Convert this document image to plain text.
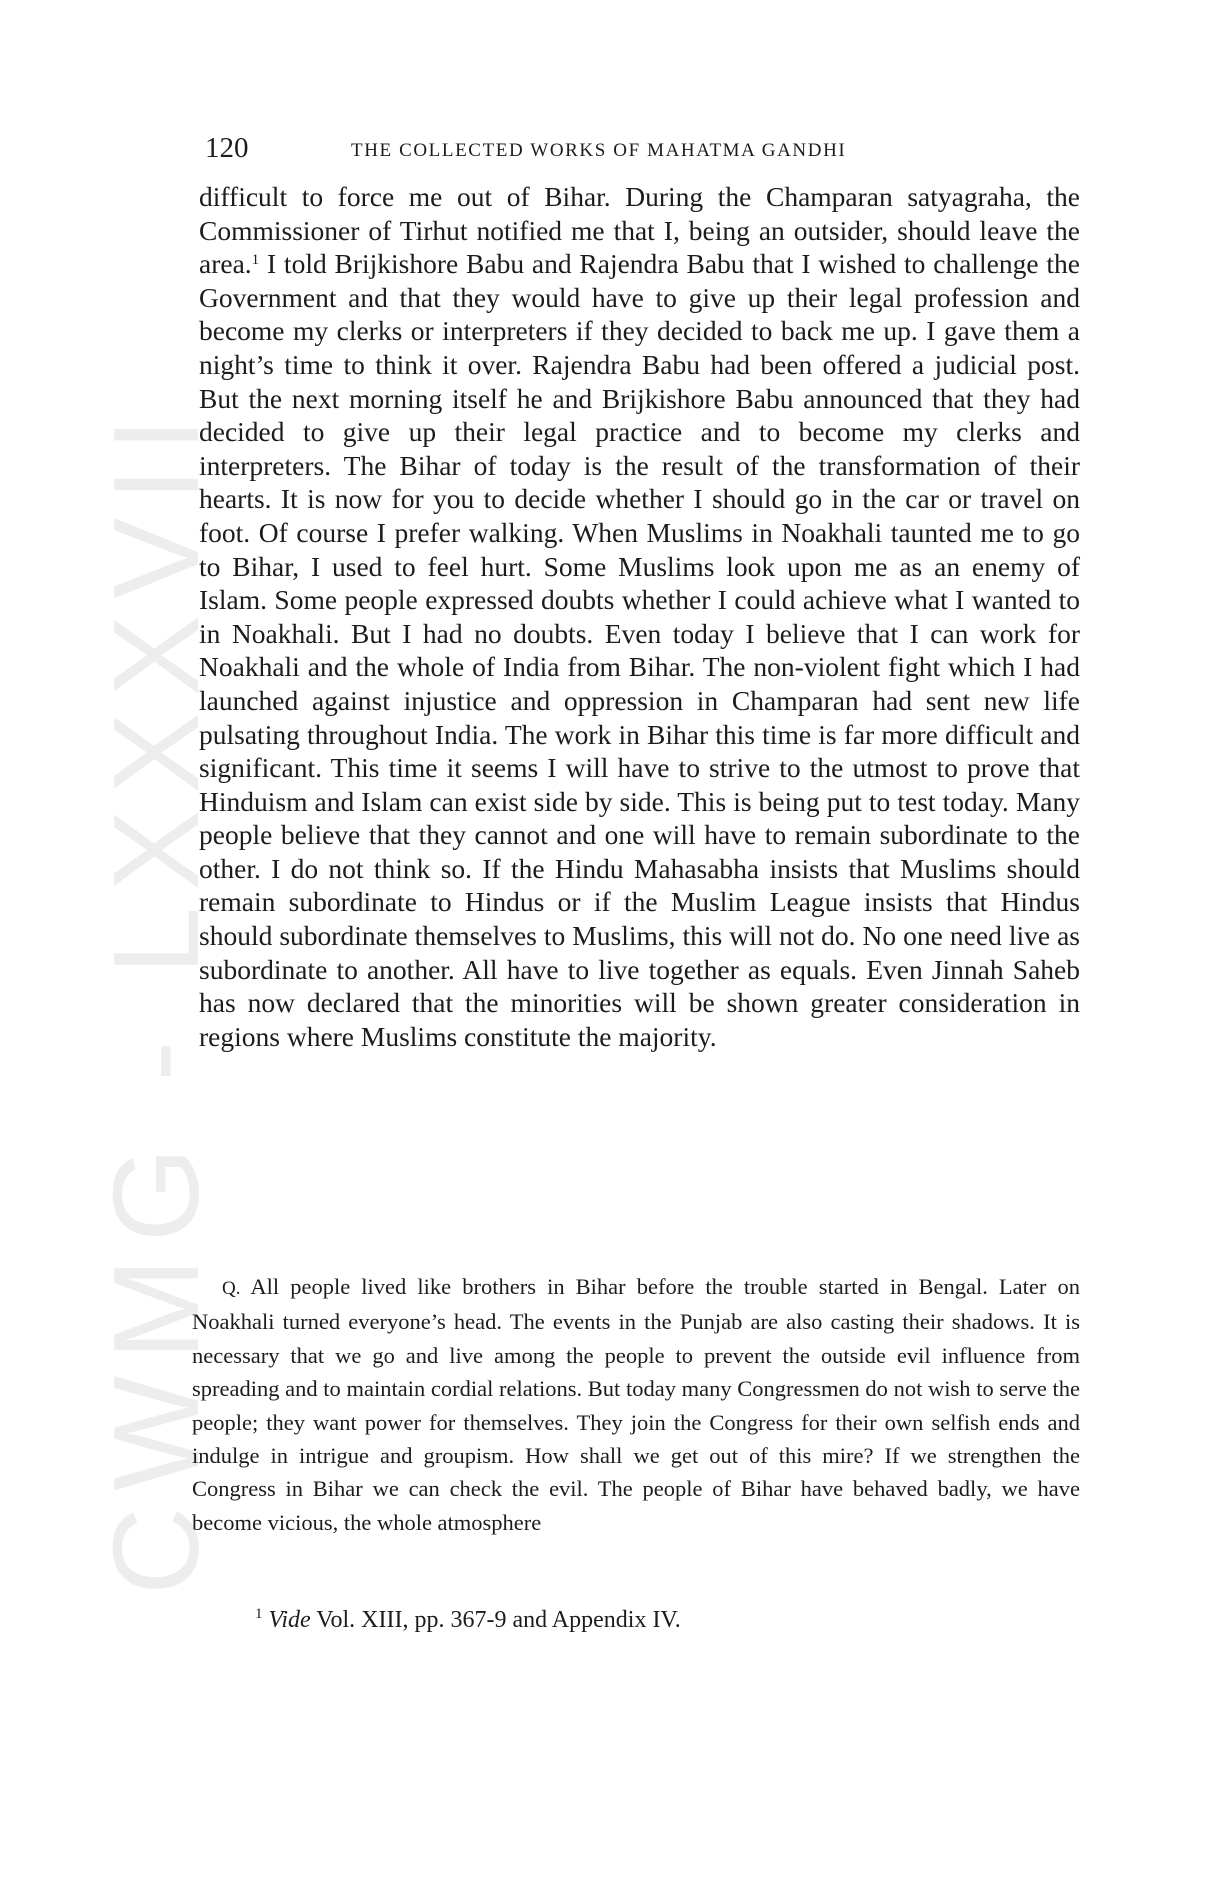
CWMG - LXXXVII
120	THE COLLECTED WORKS OF MAHATMA GANDHI
difficult to force me out of Bihar. During the Champaran satyagraha, the Commissioner of Tirhut notified me that I, being an outsider, should leave the area.$^1$ I told Brijkishore Babu and Rajendra Babu that I wished to challenge the Government and that they would have to give up their legal profession and become my clerks or interpreters if they decided to back me up. I gave them a night’s time to think it over. Rajendra Babu had been offered a judicial post. But the next morning itself he and Brijkishore Babu announced that they had decided to give up their legal practice and to become my clerks and interpreters. The Bihar of today is the result of the transformation of their hearts. It is now for you to decide whether I should go in the car or travel on foot. Of course I prefer walking. When Muslims in Noakhali taunted me to go to Bihar, I used to feel hurt. Some Muslims look upon me as an enemy of Islam. Some people expressed doubts whether I could achieve what I wanted to in Noakhali. But I had no doubts. Even today I believe that I can work for Noakhali and the whole of India from Bihar. The non-violent fight which I had launched against injustice and oppression in Champaran had sent new life pulsating throughout India. The work in Bihar this time is far more difficult and significant. This time it seems I will have to strive to the utmost to prove that Hinduism and Islam can exist side by side. This is being put to test today. Many people believe that they cannot and one will have to remain subordinate to the other. I do not think so. If the Hindu Mahasabha insists that Muslims should remain subordinate to Hindus or if the Muslim League insists that Hindus should subordinate themselves to Muslims, this will not do. No one need live as subordinate to another. All have to live together as equals. Even Jinnah Saheb has now declared that the minorities will be shown greater consideration in regions where Muslims constitute the majority.
Q. All people lived like brothers in Bihar before the trouble started in Bengal. Later on Noakhali turned everyone’s head. The events in the Punjab are also casting their shadows. It is necessary that we go and live among the people to prevent the outside evil influence from spreading and to maintain cordial relations. But today many Congressmen do not wish to serve the people; they want power for themselves. They join the Congress for their own selfish ends and indulge in intrigue and groupism. How shall we get out of this mire? If we strengthen the Congress in Bihar we can check the evil. The people of Bihar have behaved badly, we have become vicious, the whole atmosphere
$^1$ Vide Vol. XIII, pp. 367-9 and Appendix IV.
